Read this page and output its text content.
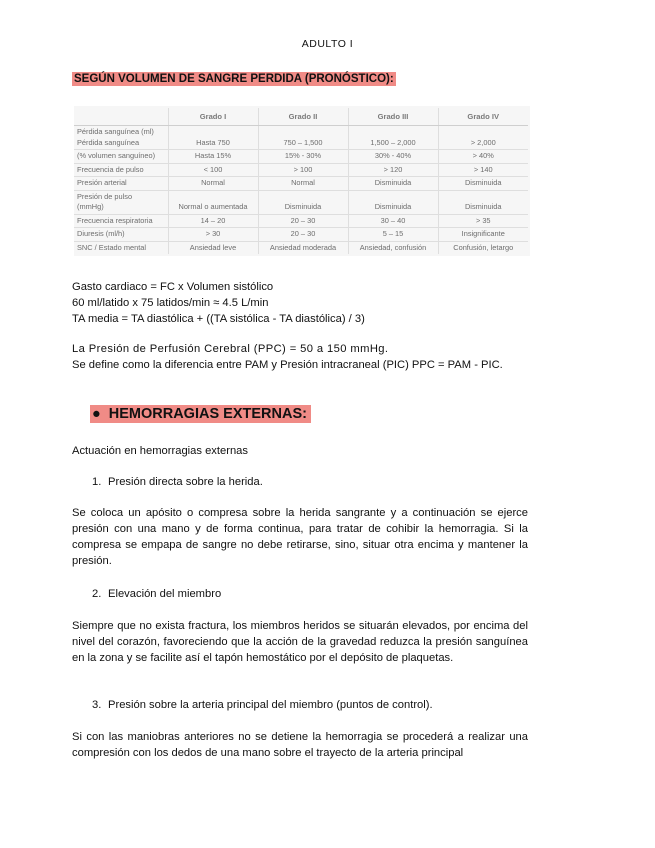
ADULTO I
SEGÚN VOLUMEN DE SANGRE PERDIDA (PRONÓSTICO):
	Grado I	Grado II	Grado III	Grado IV
Pérdida sanguínea (ml)
Pérdida sanguínea	Hasta 750	750 – 1,500	1,500 – 2,000	> 2,000
(% volumen sanguíneo)	Hasta 15%	15% - 30%	30% - 40%	> 40%
Frecuencia de pulso	< 100	> 100	> 120	> 140
Presión arterial	Normal	Normal	Disminuida	Disminuida
Presión de pulso
(mmHg)	Normal o aumentada	Disminuida	Disminuida	Disminuida
Frecuencia respiratoria	14 – 20	20 – 30	30 – 40	> 35
Diuresis (ml/h)	> 30	20 – 30	5 – 15	Insignificante
SNC / Estado mental	Ansiedad leve	Ansiedad moderada	Ansiedad, confusión	Confusión, letargo

Gasto cardiaco = FC x Volumen sistólico

60 ml/latido x 75 latidos/min ≈ 4.5 L/min

TA media = TA diastólica + ((TA sistólica - TA diastólica) / 3)

La Presión de Perfusión Cerebral (PPC) = 50 a 150 mmHg.

Se define como la diferencia entre PAM y Presión intracraneal (PIC) PPC = PAM - PIC.

● HEMORRAGIAS EXTERNAS:

Actuación en hemorragias externas

1. Presión directa sobre la herida.

Se coloca un apósito o compresa sobre la herida sangrante y a continuación se ejerce presión con una mano y de forma continua, para tratar de cohibir la hemorragia. Si la compresa se empapa de sangre no debe retirarse, sino, situar otra encima y mantener la presión.

2. Elevación del miembro

Siempre que no exista fractura, los miembros heridos se situarán elevados, por encima del nivel del corazón, favoreciendo que la acción de la gravedad reduzca la presión sanguínea en la zona y se facilite así el tapón hemostático por el depósito de plaquetas.

3. Presión sobre la arteria principal del miembro (puntos de control).

Si con las maniobras anteriores no se detiene la hemorragia se procederá a realizar una compresión con los dedos de una mano sobre el trayecto de la arteria principal
